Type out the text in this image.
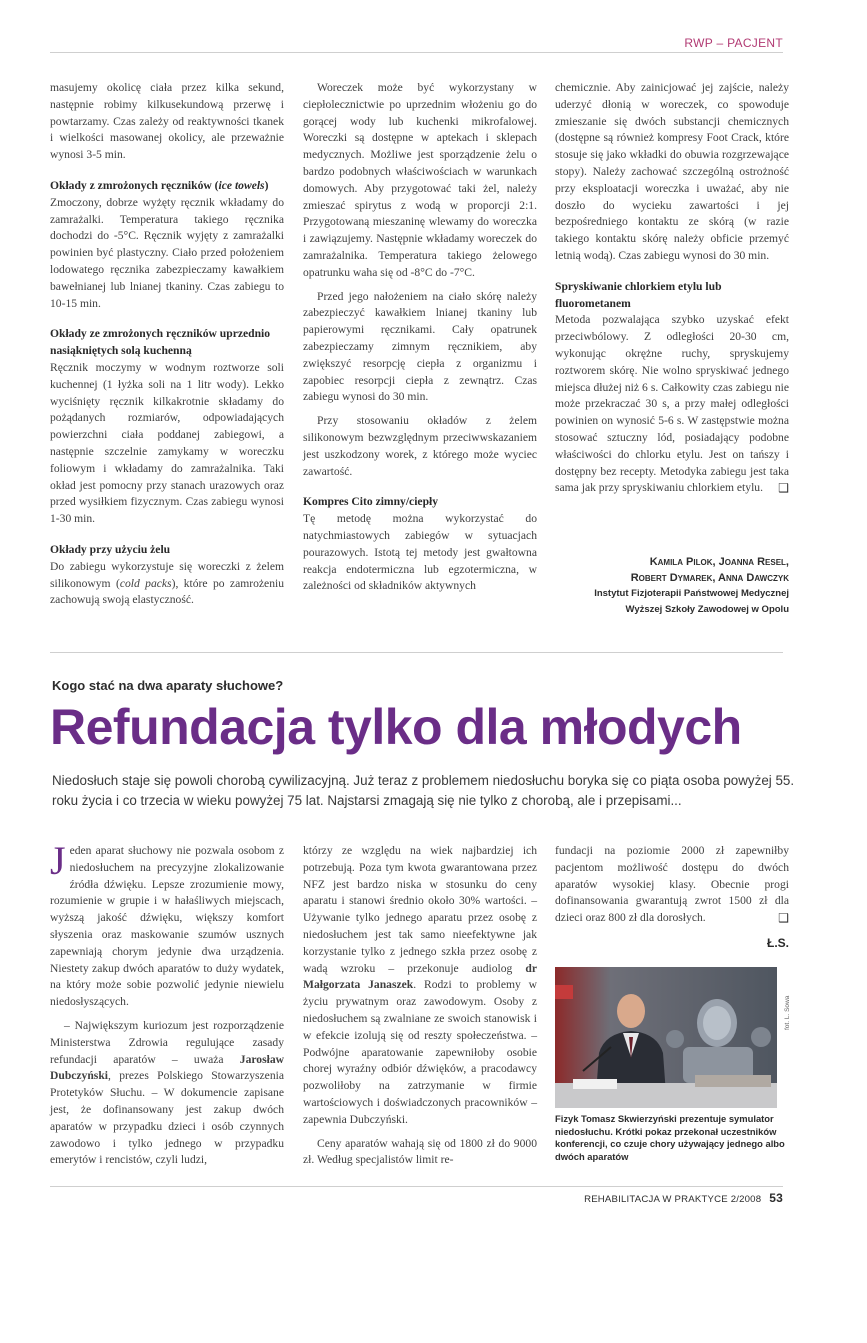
RWP – PACJENT

masujemy okolicę ciała przez kilka sekund, następnie robimy kilkusekundową przerwę i powtarzamy. Czas zależy od reaktywności tkanek i wielkości masowanej okolicy, ale przeważnie wynosi 3-5 min.

Okłady z zmrożonych ręczników (ice towels)

Zmoczony, dobrze wyżęty ręcznik wkładamy do zamrażalki. Temperatura takiego ręcznika dochodzi do -5°C. Ręcznik wyjęty z zamrażalki powinien być plastyczny. Ciało przed położeniem lodowatego ręcznika zabezpieczamy kawałkiem bawełnianej lub lnianej tkaniny. Czas zabiegu to 10-15 min.

Okłady ze zmrożonych ręczników uprzednio nasiąkniętych solą kuchenną

Ręcznik moczymy w wodnym roztworze soli kuchennej (1 łyżka soli na 1 litr wody). Lekko wyciśnięty ręcznik kilkakrotnie składamy do pożądanych rozmiarów, odpowiadających powierzchni ciała poddanej zabiegowi, a następnie szczelnie zamykamy w woreczku foliowym i wkładamy do zamrażalnika. Taki okład jest pomocny przy stanach urazowych oraz przed wysiłkiem fizycznym. Czas zabiegu wynosi 1-30 min.

Okłady przy użyciu żelu

Do zabiegu wykorzystuje się woreczki z żelem silikonowym (cold packs), które po zamrożeniu zachowują swoją elastyczność.

Woreczek może być wykorzystany w ciepłolecznictwie po uprzednim włożeniu go do gorącej wody lub kuchenki mikrofalowej. Woreczki są dostępne w aptekach i sklepach medycznych. Możliwe jest sporządzenie żelu o bardzo podobnych właściwościach w warunkach domowych. Aby przygotować taki żel, należy zmieszać spirytus z wodą w proporcji 2:1. Przygotowaną mieszaninę wlewamy do woreczka i zawiązujemy. Następnie wkładamy woreczek do zamrażalnika. Temperatura takiego żelowego opatrunku waha się od -8°C do -7°C.

Przed jego nałożeniem na ciało skórę należy zabezpieczyć kawałkiem lnianej tkaniny lub papierowymi ręcznikami. Cały opatrunek zabezpieczamy zimnym ręcznikiem, aby zwiększyć resorpcję ciepła z organizmu i zapobiec resorpcji ciepła z zewnątrz. Czas zabiegu wynosi do 30 min.

Przy stosowaniu okładów z żelem silikonowym bezwzględnym przeciwwskazaniem jest uszkodzony worek, z którego może wyciec zawartość.

Kompres Cito zimny/ciepły

Tę metodę można wykorzystać do natychmiastowych zabiegów w sytuacjach pourazowych. Istotą tej metody jest gwałtowna reakcja endotermiczna lub egzotermiczna, w zależności od składników aktywnych

chemicznie. Aby zainicjować jej zajście, należy uderzyć dłonią w woreczek, co spowoduje zmieszanie się dwóch substancji chemicznych (dostępne są również kompresy Foot Crack, które stosuje się jako wkładki do obuwia rozgrzewające stopy). Należy zachować szczególną ostrożność przy eksploatacji woreczka i uważać, aby nie doszło do wycieku zawartości i jej bezpośredniego kontaktu ze skórą (w razie takiego kontaktu skórę należy obficie przemyć letnią wodą). Czas zabiegu wynosi do 30 min.

Spryskiwanie chlorkiem etylu lub fluorometanem

Metoda pozwalająca szybko uzyskać efekt przeciwbólowy. Z odległości 20-30 cm, wykonując okrężne ruchy, spryskujemy roztworem skórę. Nie wolno spryskiwać jednego miejsca dłużej niż 6 s. Całkowity czas zabiegu nie może przekraczać 30 s, a przy małej odległości powinien on wynosić 5-6 s. W zastępstwie można stosować sztuczny lód, posiadający podobne właściwości do chlorku etylu. Jest on tańszy i dostępny bez recepty. Metodyka zabiegu jest taka sama jak przy spryskiwaniu chlorkiem etylu. ❑

Kamila Pilok, Joanna Resel,
Robert Dymarek, Anna Dawczyk
Instytut Fizjoterapii Państwowej Medycznej
Wyższej Szkoły Zawodowej w Opolu
Kogo stać na dwa aparaty słuchowe?
Refundacja tylko dla młodych
Niedosłuch staje się powoli chorobą cywilizacyjną. Już teraz z problemem niedosłuchu boryka się co piąta osoba powyżej 55. roku życia i co trzecia w wieku powyżej 75 lat. Najstarsi zmagają się nie tylko z chorobą, ale i przepisami...

Jeden aparat słuchowy nie pozwala osobom z niedosłuchem na precyzyjne zlokalizowanie źródła dźwięku. Lepsze zrozumienie mowy, rozumienie w grupie i w hałaśliwych miejscach, wyższą jakość dźwięku, większy komfort słyszenia oraz maskowanie szumów usznych zapewniają chorym jedynie dwa urządzenia. Niestety zakup dwóch aparatów to duży wydatek, na który może sobie pozwolić jedynie niewielu niedosłyszących.

– Największym kuriozum jest rozporządzenie Ministerstwa Zdrowia regulujące zasady refundacji aparatów – uważa Jarosław Dubczyński, prezes Polskiego Stowarzyszenia Protetyków Słuchu. – W dokumencie zapisane jest, że dofinansowany jest zakup dwóch aparatów w przypadku dzieci i osób czynnych zawodowo i tylko jednego w przypadku emerytów i rencistów, czyli ludzi,

którzy ze względu na wiek najbardziej ich potrzebują. Poza tym kwota gwarantowana przez NFZ jest bardzo niska w stosunku do ceny aparatu i stanowi średnio około 30% wartości. – Używanie tylko jednego aparatu przez osobę z niedosłuchem jest tak samo nieefektywne jak korzystanie tylko z jednego szkła przez osobę z wadą wzroku – przekonuje audiolog dr Małgorzata Janaszek. Rodzi to problemy w życiu prywatnym oraz zawodowym. Osoby z niedosłuchem są zwalniane ze swoich stanowisk i w efekcie izolują się od reszty społeczeństwa. – Podwójne aparatowanie zapewniłoby osobie chorej wyraźny odbiór dźwięków, a pracodawcy pozwoliłoby na zatrzymanie w firmie wartościowych i doświadczonych pracowników – zapewnia Dubczyński.

Ceny aparatów wahają się od 1800 zł do 9000 zł. Według specjalistów limit re-

fundacji na poziomie 2000 zł zapewniłby pacjentom możliwość dostępu do dwóch aparatów wysokiej klasy. Obecnie progi dofinansowania gwarantują zwrot 1500 zł dla dzieci oraz 800 zł dla dorosłych.	❑

Ł.S.
fot. L. Sowa
Fizyk Tomasz Skwierzyński prezentuje symulator niedosłuchu. Krótki pokaz przekonał uczestników konferencji, co czuje chory używający jednego albo dwóch aparatów
REHABILITACJA W PRAKTYCE 2/2008 53
